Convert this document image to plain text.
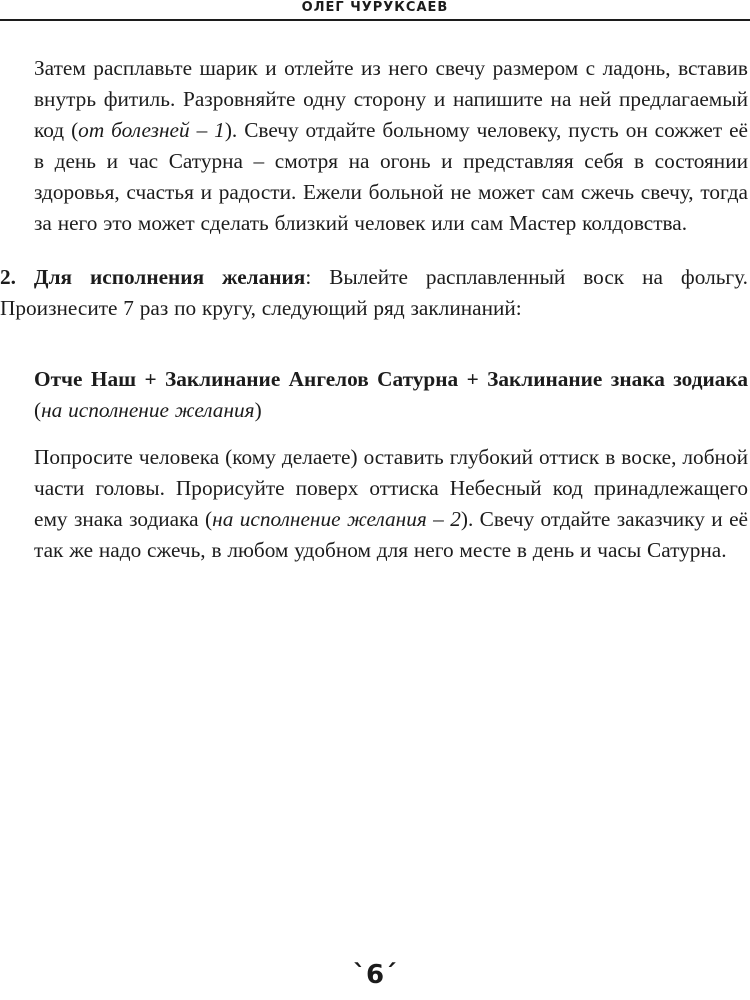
ОЛЕГ ЧУРУКСАЕВ
Затем расплавьте шарик и отлейте из него свечу размером с ладонь, вставив внутрь фитиль. Разровняйте одну сторону и напишите на ней предлагаемый код (от болезней – 1). Свечу отдайте больному человеку, пусть он сожжет её в день и час Сатурна – смотря на огонь и представляя себя в состоянии здоровья, счастья и радости. Ежели больной не может сам сжечь свечу, тогда за него это может сделать близкий человек или сам Мастер колдовства.
2. Для исполнения желания: Вылейте расплавленный воск на фольгу. Произнесите 7 раз по кругу, следующий ряд заклинаний:
Отче Наш + Заклинание Ангелов Сатурна + Заклинание знака зодиака (на исполнение желания)
Попросите человека (кому делаете) оставить глубокий оттиск в воске, лобной части головы. Прорисуйте поверх оттиска Небесный код принадлежащего ему знака зодиака (на исполнение желания – 2). Свечу отдайте заказчику и её так же надо сжечь, в любом удобном для него месте в день и часы Сатурна.
`6´
